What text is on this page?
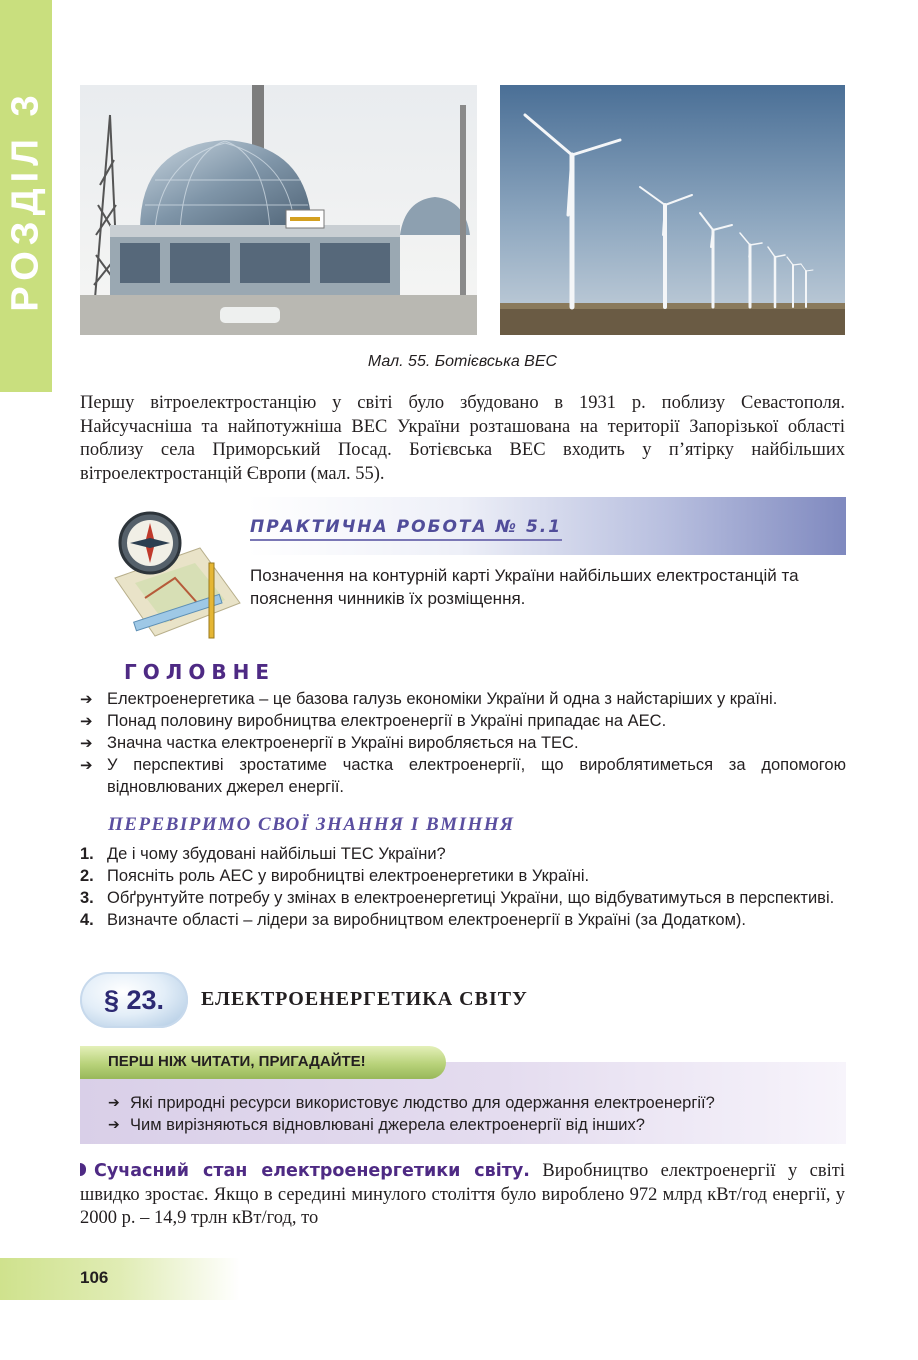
РОЗДІЛ 3
Мал. 55. Ботієвська ВЕС
Першу вітроелектростанцію у світі було збудовано в 1931 р. поблизу Севастополя. Найсучасніша та найпотужніша ВЕС України розташована на території Запорізької області поблизу села Приморський Посад. Ботієвська ВЕС входить у п’ятірку найбільших вітроелектростанцій Європи (мал. 55).
ПРАКТИЧНА РОБОТА № 5.1
Позначення на контурній карті України найбільших електростанцій та пояснення чинників їх розміщення.
ГОЛОВНЕ
➔ Електроенергетика – це базова галузь економіки України й одна з найстаріших у країні.
➔ Понад половину виробництва електроенергії в Україні припадає на АЕС.
➔ Значна частка електроенергії в Україні виробляється на ТЕС.
➔ У перспективі зростатиме частка електроенергії, що вироблятиметься за допомогою відновлюваних джерел енергії.
ПЕРЕВІРИМО СВОЇ ЗНАННЯ І ВМІННЯ
1. Де і чому збудовані найбільші ТЕС України?
2. Поясніть роль АЕС у виробництві електроенергетики в Україні.
3. Обґрунтуйте потребу у змінах в електроенергетиці України, що відбуватимуться в перспективі.
4. Визначте області – лідери за виробництвом електроенергії в Україні (за Додатком).
§ 23. ЕЛЕКТРОЕНЕРГЕТИКА СВІТУ
ПЕРШ НІЖ ЧИТАТИ, ПРИГАДАЙТЕ!
➔ Які природні ресурси використовує людство для одержання електроенергії?
➔ Чим вирізняються відновлювані джерела електроенергії від інших?
Сучасний стан електроенергетики світу. Виробництво електроенергії у світі швидко зростає. Якщо в середині минулого століття було вироблено 972 млрд кВт/год енергії, у 2000 р. – 14,9 трлн кВт/год, то
106
